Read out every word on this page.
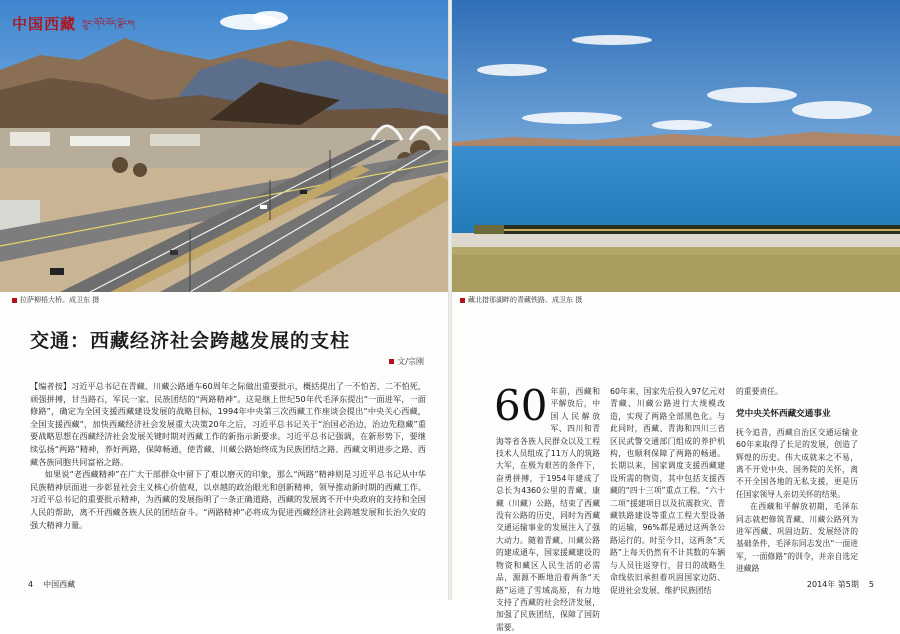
中国西藏 ཀྲུང་གོའི་བོད་ལྗོངས།
拉萨柳梧大桥。成卫东 摄
交通：西藏经济社会跨越发展的支柱
文/宗刚

【编者按】习近平总书记在青藏、川藏公路通车60周年之际做出重要批示，概括提出了一不怕苦、二不怕死，顽强拼搏，甘当路石，军民一家、民族团结的“两路精神”。这是继上世纪50年代毛泽东提出“一面进军，一面修路”，确定为全国支援西藏建设发展的战略目标，1994年中央第三次西藏工作座谈会提出“中央关心西藏，全国支援西藏”，加快西藏经济社会发展重大决策20年之后，习近平总书记关于“治国必治边，治边先稳藏”重要战略思想在西藏经济社会发展关键时期对西藏工作的新指示新要求。习近平总书记强调，在新形势下，要继续弘扬“两路”精神，养好两路，保障畅通，使青藏、川藏公路始终成为民族团结之路、西藏文明进步之路、西藏各族同胞共同富裕之路。

如果说“老西藏精神”在广大干部群众中留下了难以磨灭的印象，那么“两路”精神则是习近平总书记从中华民族精神层面进一步彰显社会主义核心价值观，以卓越的政治眼光和创新精神，领导推动新时期的西藏工作。习近平总书记的重要批示精神，为西藏的发展指明了一条正确道路，西藏的发展离不开中央政府的支持和全国人民的帮助，离不开西藏各族人民的团结奋斗。“两路精神”必将成为促进西藏经济社会跨越发展和长治久安的强大精神力量。

4 中国西藏
藏北措那湖畔的青藏铁路。成卫东 摄
60 年前，西藏和平解放后，中国人民解放军、四川和青海等省各族人民群众以及工程技术人员组成了11万人的筑路大军，在极为艰苦的条件下，奋勇拼搏，于1954年建成了总长为4360公里的青藏、康藏（川藏）公路，结束了西藏没有公路的历史，同时为西藏交通运输事业的发展注入了强大动力。随着青藏、川藏公路的建成通车，国家援藏建设的物资和藏区人民生活的必需品，源源不断地沿着两条“天路”运进了雪域高原，有力地支持了西藏的社会经济发展，加强了民族团结，保障了国防需要。

60年来，国家先后投入97亿元对青藏、川藏公路进行大规模改造，实现了两路全部黑色化。与此同时，西藏、青海和四川三省区民武警交通部门组成的养护机构，也顺利保障了两路的畅通。长期以来，国家调度支援西藏建设所需的物资，其中包括支援西藏的“四十三项”重点工程、“六十二项”援建项目以及抗震救灾、青藏铁路建设等重点工程大型设备的运输，96%都是通过这两条公路运行的。时至今日，这两条“天路”上每天仍然有不计其数的车辆与人员往返穿行，昔日的战略生命线依旧承担着巩固国家边防、促进社会发展、维护民族团结

的重要责任。

党中央关怀西藏交通事业

抚今追昔，西藏自治区交通运输业60年来取得了长足的发展，创造了辉煌的历史。伟大成就来之不易，离不开党中央、国务院的关怀，离不开全国各地的无私支援，更是历任国家领导人亲切关怀的结果。

在西藏和平解放初期，毛泽东同志就把修筑青藏、川藏公路列为进军西藏、巩固边防、发展经济的基础条件，毛泽东同志发出“一面进军，一面修路”的训令，并亲自选定进藏路

2014年 第5期 5
